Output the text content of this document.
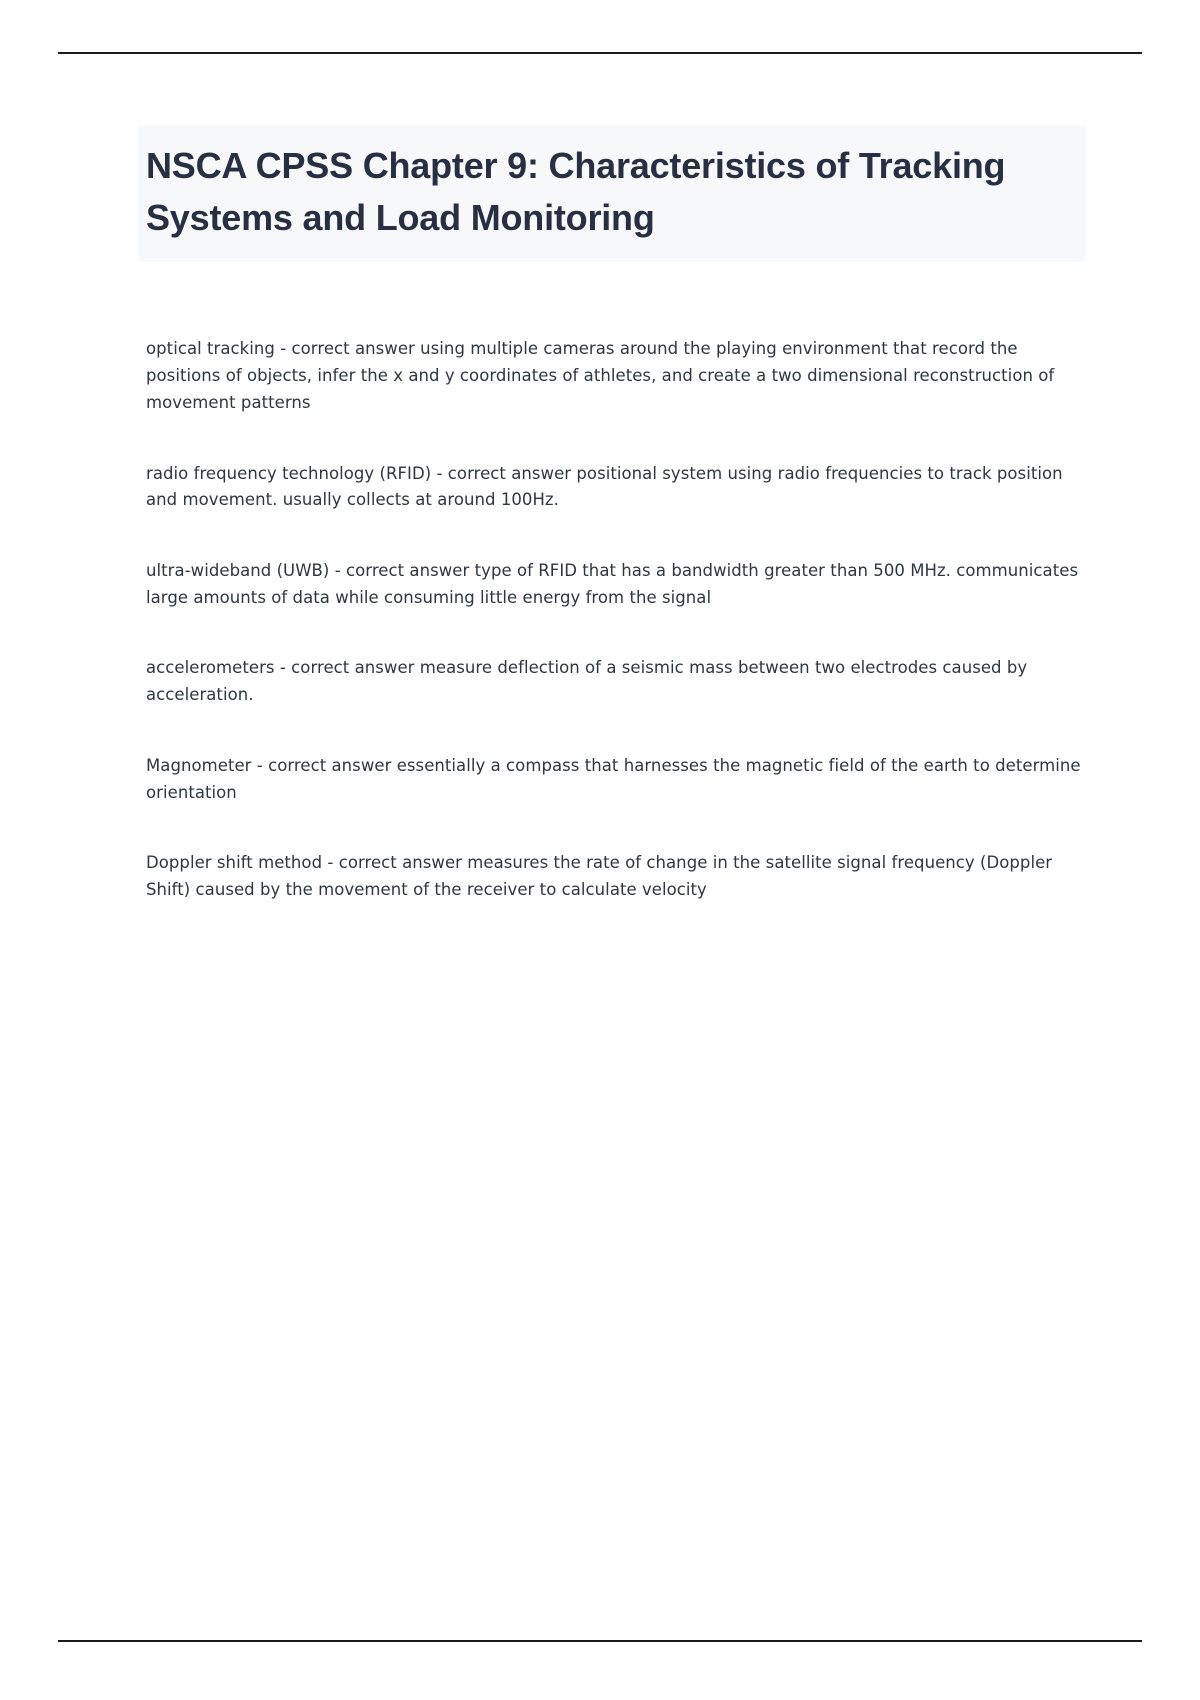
NSCA CPSS Chapter 9: Characteristics of Tracking Systems and Load Monitoring

optical tracking - correct answer using multiple cameras around the playing environment that record the positions of objects, infer the x and y coordinates of athletes, and create a two dimensional reconstruction of movement patterns

radio frequency technology (RFID) - correct answer positional system using radio frequencies to track position and movement. usually collects at around 100Hz.

ultra-wideband (UWB) - correct answer type of RFID that has a bandwidth greater than 500 MHz. communicates large amounts of data while consuming little energy from the signal

accelerometers - correct answer measure deflection of a seismic mass between two electrodes caused by acceleration.

Magnometer - correct answer essentially a compass that harnesses the magnetic field of the earth to determine orientation

Doppler shift method - correct answer measures the rate of change in the satellite signal frequency (Doppler Shift) caused by the movement of the receiver to calculate velocity
